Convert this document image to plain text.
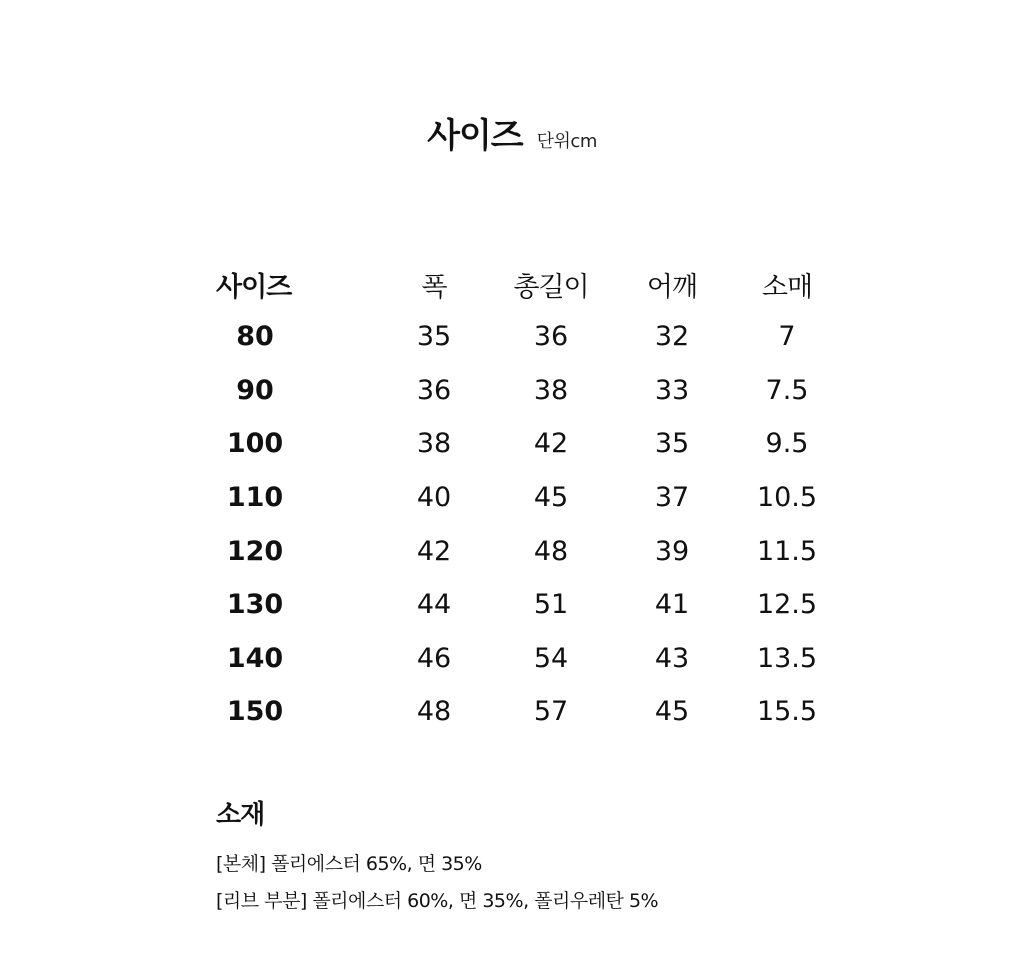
사이즈 단위cm
사이즈		폭	총길이	어깨	소매
80		35	36	32	7
90		36	38	33	7.5
100		38	42	35	9.5
110		40	45	37	10.5
120		42	48	39	11.5
130		44	51	41	12.5
140		46	54	43	13.5
150		48	57	45	15.5
소재
[본체] 폴리에스터 65%, 면 35%
[리브 부분] 폴리에스터 60%, 면 35%, 폴리우레탄 5%
